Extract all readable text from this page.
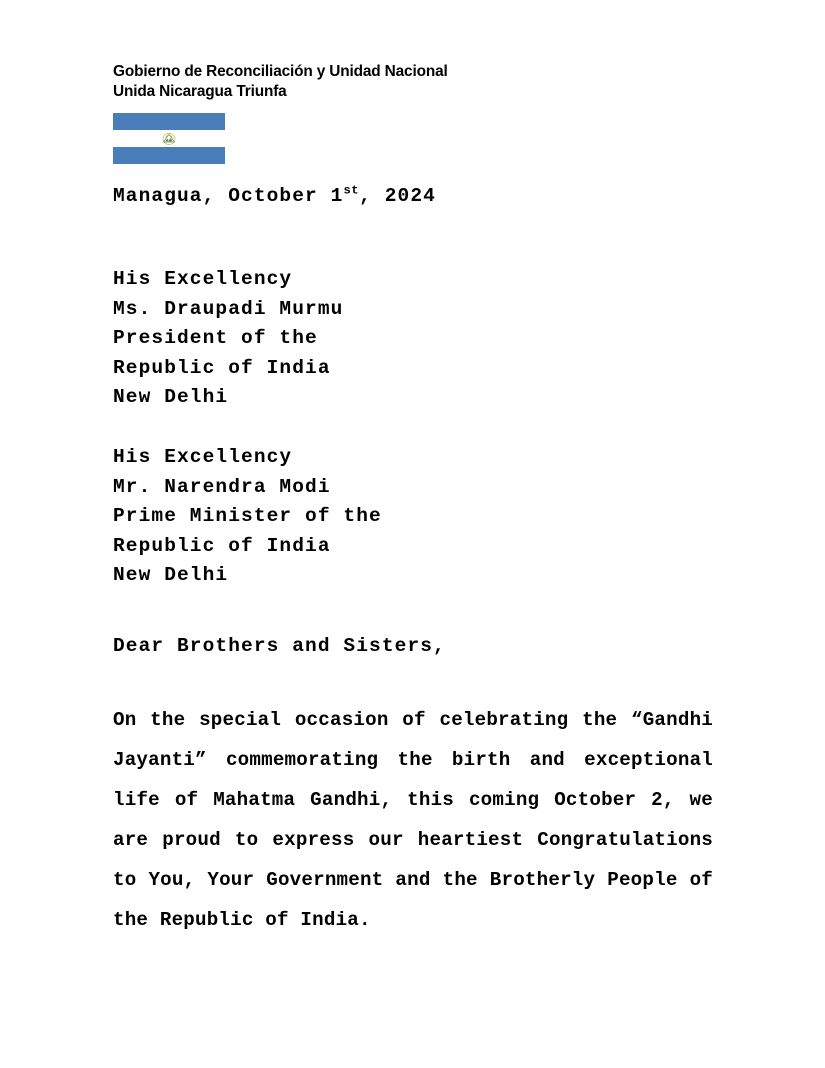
Gobierno de Reconciliación y Unidad Nacional
Unida Nicaragua Triunfa
Managua, October 1st, 2024
His Excellency
Ms. Draupadi Murmu
President of the
Republic of India
New Delhi
His Excellency
Mr. Narendra Modi
Prime Minister of the
Republic of India
New Delhi
Dear Brothers and Sisters,
On the special occasion of celebrating the “Gandhi Jayanti” commemorating the birth and exceptional life of Mahatma Gandhi, this coming October 2, we are proud to express our heartiest Congratulations to You, Your Government and the Brotherly People of the Republic of India.
